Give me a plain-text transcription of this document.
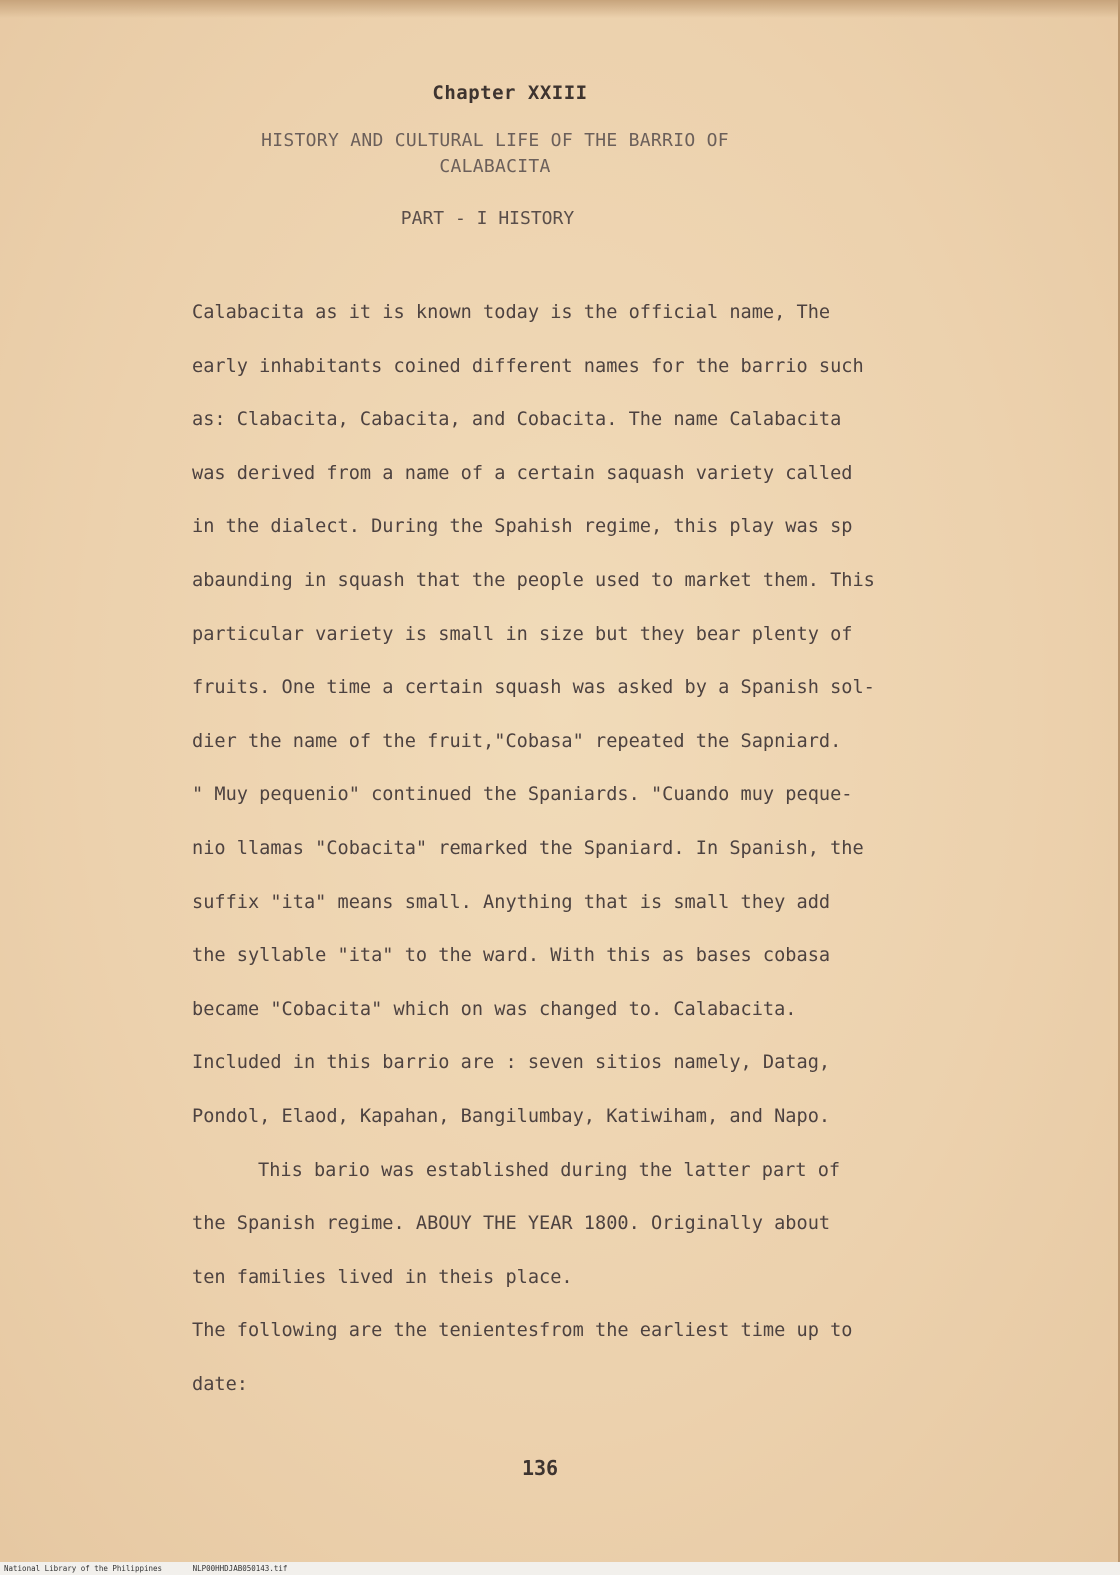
Chapter XXIII
HISTORY AND CULTURAL LIFE OF THE BARRIO OF
CALABACITA
PART - I HISTORY
Calabacita as it is known today is the official name, The
early inhabitants coined different names for the barrio such
as: Clabacita, Cabacita, and Cobacita. The name Calabacita
was derived from a name of a certain saquash variety called
in the dialect. During the Spahish regime, this play was sp
abaunding in squash that the people used to market them. This
particular variety is small in size but they bear plenty of
fruits. One time a certain squash was asked by a Spanish sol-
dier the name of the fruit,"Cobasa" repeated the Sapniard.
" Muy pequenio" continued the Spaniards. "Cuando muy peque-
nio llamas "Cobacita" remarked the Spaniard. In Spanish, the
suffix "ita" means small. Anything that is small they add
the syllable "ita" to the ward. With this as bases cobasa
became "Cobacita" which on was changed to. Calabacita.
Included in this barrio are : seven sitios namely, Datag,
Pondol, Elaod, Kapahan, Bangilumbay, Katiwiham, and Napo.
This bario was established during the latter part of
the Spanish regime. ABOUY THE YEAR 1800. Originally about
ten families lived in theis place.
The following are the tenientesfrom the earliest time up to
date:
136
National Library of the Philippines	NLP00HHDJAB050143.tif
